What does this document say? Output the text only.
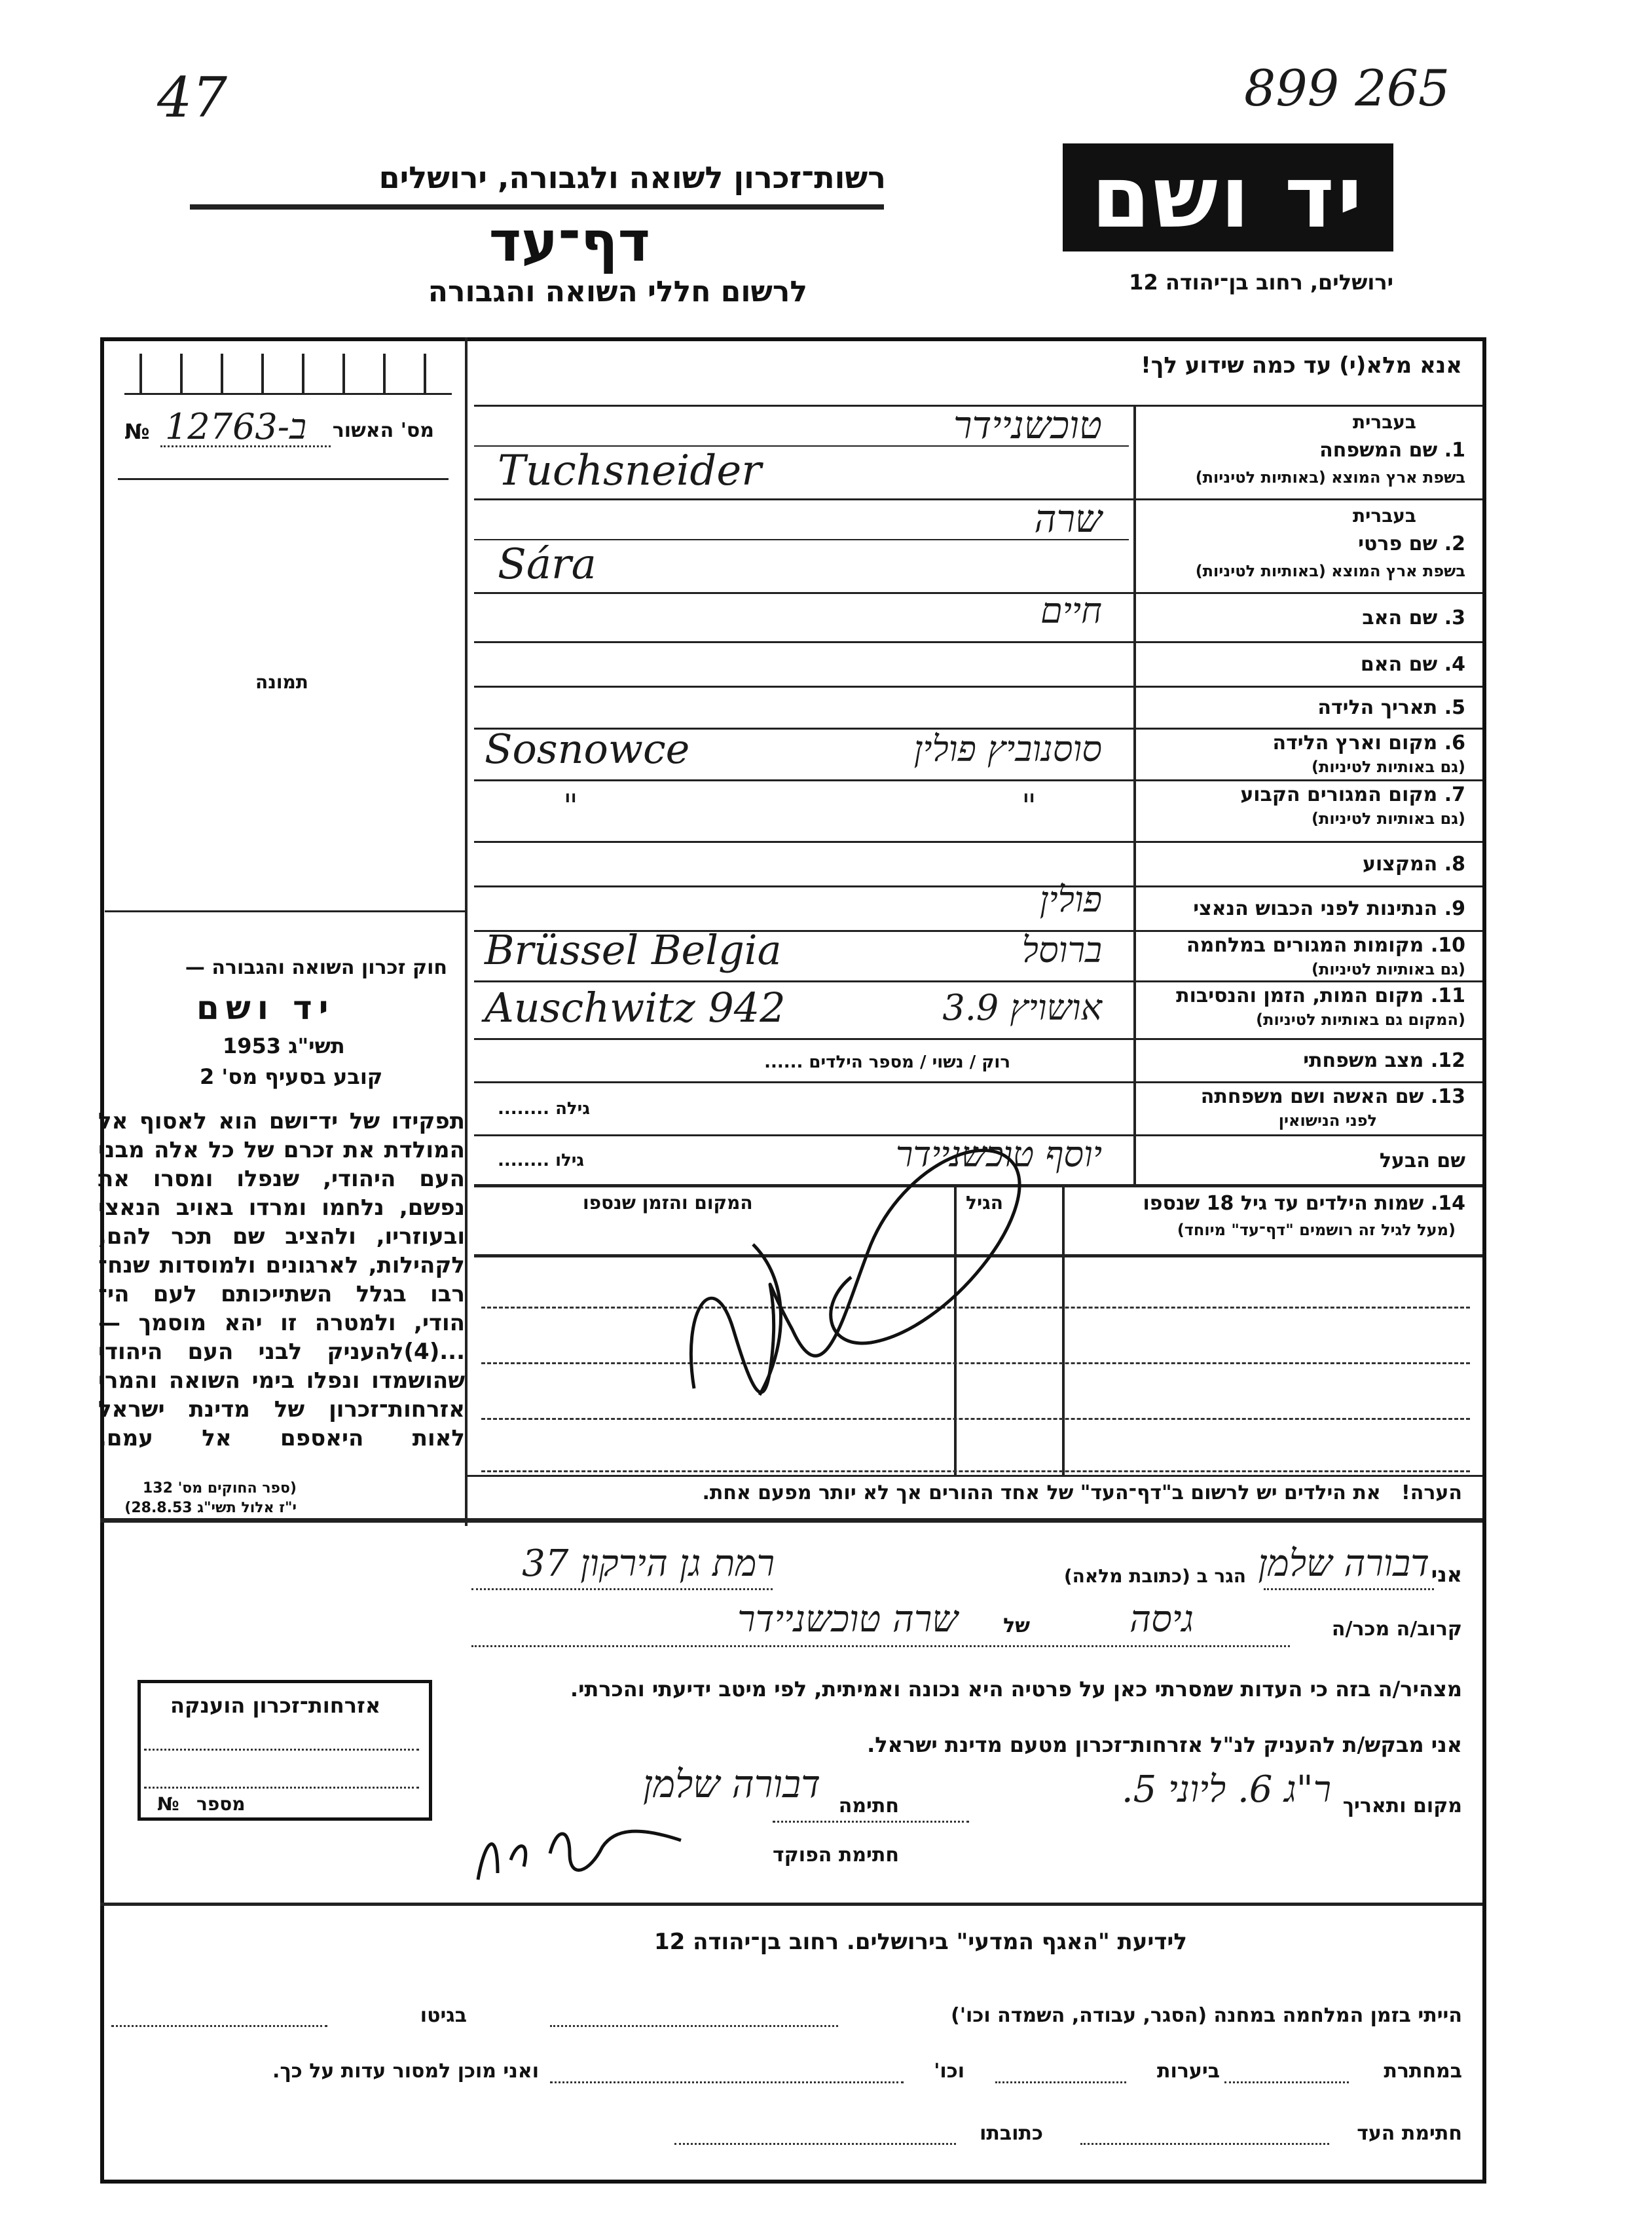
47	899 265
רשות־זכרון לשואה ולגבורה, ירושלים
דף־עד
לרשום חללי השואה והגבורה
יד ושם
ירושלים, רחוב בן־יהודה 12
אנא מלא(י) עד כמה שידוע לך!
№ 12763-ב מס' האשור
תמונה
חוק זכרון השואה והגבורה —
יד ושם
תשי"ג 1953
קובע בסעיף מס' 2
תפקידו של יד־ושם הוא לאסוף אל
המולדת את זכרם של כל אלה מבני
העם היהודי, שנפלו ומסרו את
נפשם, נלחמו ומרדו באויב הנאצי
ובעוזריו, ולהציב שם תכר להם,
לקהילות, לארגונים ולמוסדות שנח־
רבו בגלל השתייכותם לעם הי־
הודי, ולמטרה זו יהא מוסמך —
...(4)להעניק לבני העם היהודי
שהושמדו ונפלו בימי השואה והמרי
אזרחות־זכרון של מדינת ישראל
לאות היאספם אל עמם.
(ספר החוקים מס' 132
י"ז אלול תשי"ג 28.8.53)
בעברית
1. שם המשפחה
בשפת ארץ המוצא (באותיות לטיניות)
טוכשניידר
Tuchsneider
בעברית
2. שם פרטי
בשפת ארץ המוצא (באותיות לטיניות)
שרה
Sára
3. שם האב
חיים
4. שם האם
5. תאריך הלידה
6. מקום וארץ הלידה
(גם באותיות לטיניות)
סוסנוביץ פולין
Sosnowce
7. מקום המגורים הקבוע
(גם באותיות לטיניות)
"	"
8. המקצוע
9. הנתינות לפני הכבוש הנאצי
פולין
10. מקומות המגורים במלחמה
(גם באותיות לטיניות)
ברוסל
Brüssel Belgia
11. מקום המות, הזמן והנסיבות
(המקום גם באותיות לטיניות)
אושויץ 3.9
Auschwitz 942
12. מצב משפחתי
רוק / נשוי / מספר הילדים ......
13. שם האשה ושם משפחתה
לפני הנישואין
גילה ........
שם הבעל
יוסף טוכשניידר
גילו ........
14. שמות הילדים עד גיל 18 שנספו
(מעל לגיל זה רושמים "דף־עד" מיוחד)
הגיל
המקום והזמן שנספו
הערה!   את הילדים יש לרשום ב"דף־העד" של אחד ההורים אך לא יותר מפעם אחת.
אני
דבורה שלמן
הגר ב (כתובת מלאה)
רמת גן הירקון 37
קרוב/ה מכר/ה
גיסה
של
שרה טוכשניידר
מצהיר/ה בזה כי העדות שמסרתי כאן על פרטיה היא נכונה ואמיתית, לפי מיטב ידיעתי והכרתי.
אני מבקש/ת להעניק לנ"ל אזרחות־זכרון מטעם מדינת ישראל.
מקום ותאריך
ר"ג 6. ליוני 5.
חתימה
דבורה שלמן
חתימת הפוקד
אזרחות־זכרון הוענקה
№ מספר
לידיעת "האגף המדעי" בירושלים. רחוב בן־יהודה 12
הייתי בזמן המלחמה במחנה (הסגר, עבודה, השמדה וכו')
בגיטו
במחתרת
ביערות
וכו'
ואני מוכן למסור עדות על כך.
חתימת העד
כתובתו
